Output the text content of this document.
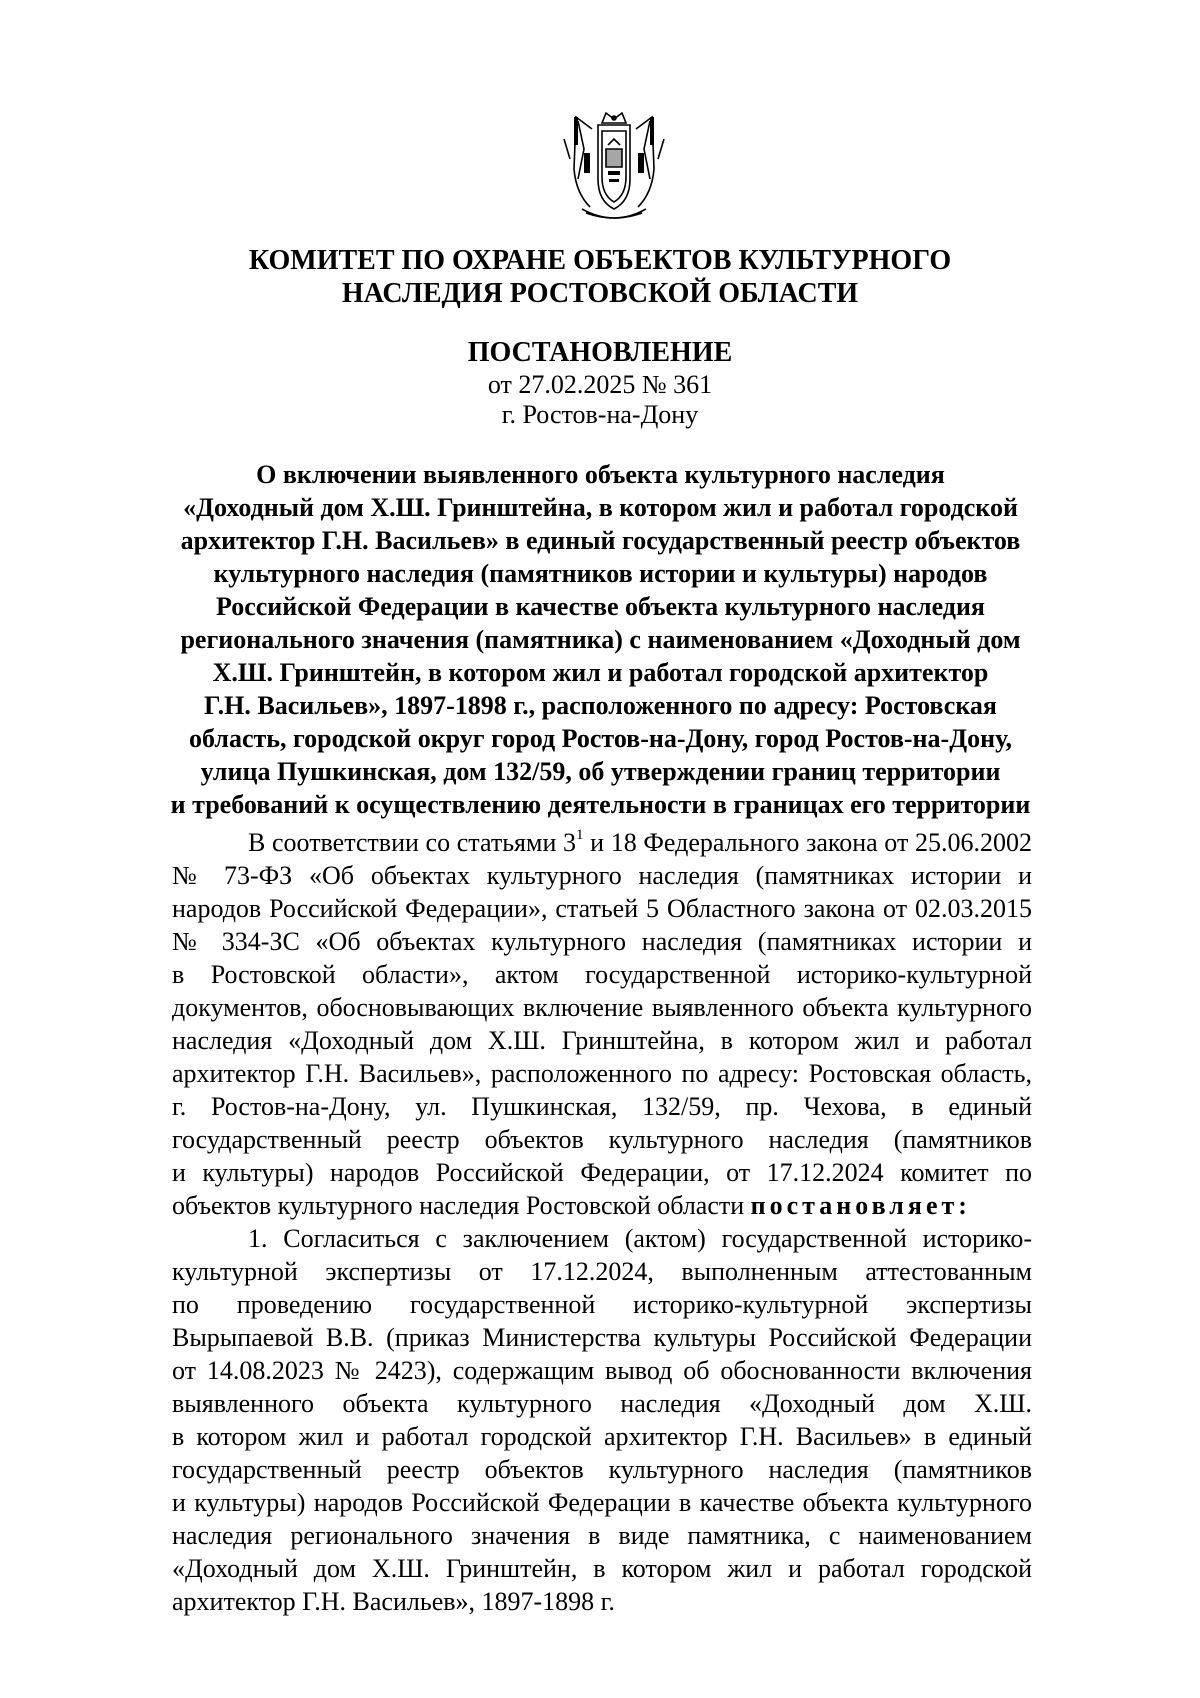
КОМИТЕТ ПО ОХРАНЕ ОБЪЕКТОВ КУЛЬТУРНОГО
НАСЛЕДИЯ РОСТОВСКОЙ ОБЛАСТИ
ПОСТАНОВЛЕНИЕ
от 27.02.2025 № 361
г. Ростов-на-Дону
О включении выявленного объекта культурного наследия
«Доходный дом Х.Ш. Гринштейна, в котором жил и работал городской
архитектор Г.Н. Васильев» в единый государственный реестр объектов
культурного наследия (памятников истории и культуры) народов
Российской Федерации в качестве объекта культурного наследия
регионального значения (памятника) с наименованием «Доходный дом
Х.Ш. Гринштейн, в котором жил и работал городской архитектор
Г.Н. Васильев», 1897-1898 г., расположенного по адресу: Ростовская
область, городской округ город Ростов-на-Дону, город Ростов-на-Дону,
улица Пушкинская, дом 132/59, об утверждении границ территории
и требований к осуществлению деятельности в границах его территории
В соответствии со статьями $3^1$ и 18 Федерального закона от 25.06.2002
№ 73-ФЗ «Об объектах культурного наследия (памятниках истории и
народов Российской Федерации», статьей 5 Областного закона от 02.03.2015
№ 334-ЗС «Об объектах культурного наследия (памятниках истории и
в Ростовской области», актом государственной историко-культурной
документов, обосновывающих включение выявленного объекта культурного
наследия «Доходный дом Х.Ш. Гринштейна, в котором жил и работал
архитектор Г.Н. Васильев», расположенного по адресу: Ростовская область,
г. Ростов-на-Дону, ул. Пушкинская, 132/59, пр. Чехова, в единый
государственный реестр объектов культурного наследия (памятников
и культуры) народов Российской Федерации, от 17.12.2024 комитет по
объектов культурного наследия Ростовской области постановляет:
1. Согласиться с заключением (актом) государственной историко-
культурной экспертизы от 17.12.2024, выполненным аттестованным
по проведению государственной историко-культурной экспертизы
Вырыпаевой В.В. (приказ Министерства культуры Российской Федерации
от 14.08.2023 № 2423), содержащим вывод об обоснованности включения
выявленного объекта культурного наследия «Доходный дом Х.Ш.
в котором жил и работал городской архитектор Г.Н. Васильев» в единый
государственный реестр объектов культурного наследия (памятников
и культуры) народов Российской Федерации в качестве объекта культурного
наследия регионального значения в виде памятника, с наименованием
«Доходный дом Х.Ш. Гринштейн, в котором жил и работал городской
архитектор Г.Н. Васильев», 1897-1898 г.
